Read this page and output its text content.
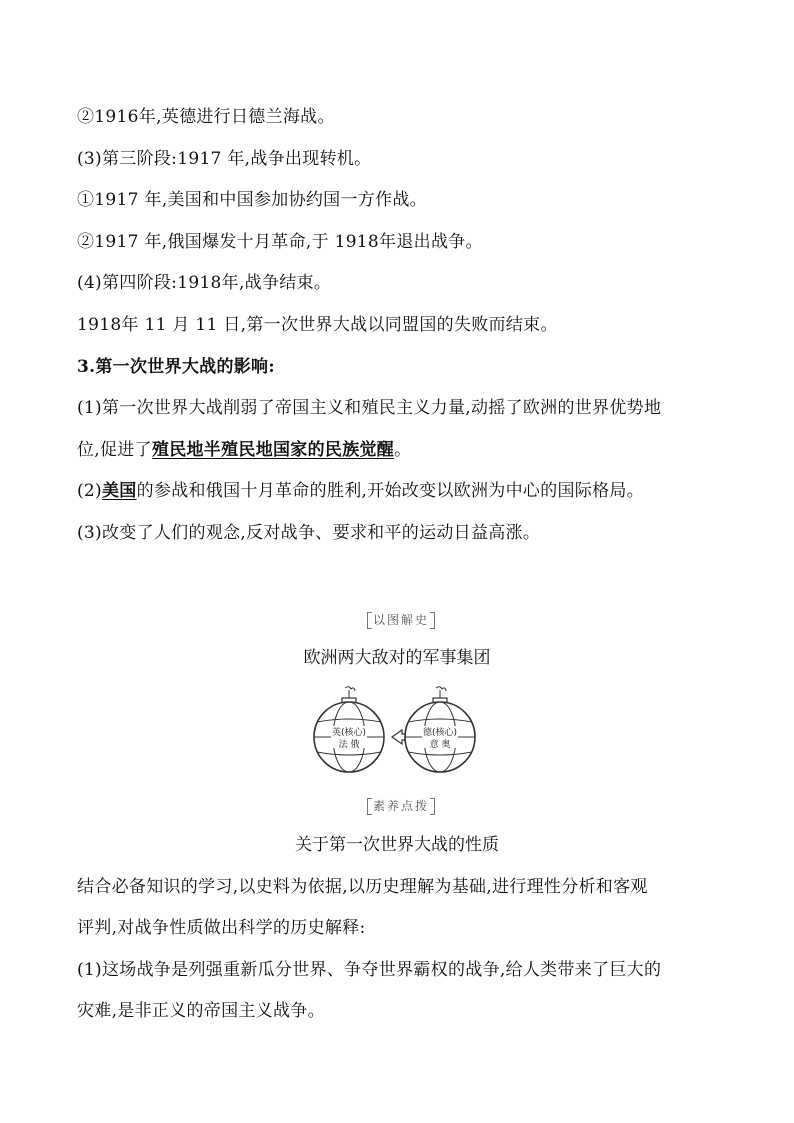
②1916年,英德进行日德兰海战。
(3)第三阶段:1917 年,战争出现转机。
①1917 年,美国和中国参加协约国一方作战。
②1917 年,俄国爆发十月革命,于 1918年退出战争。
(4)第四阶段:1918年,战争结束。
1918年 11 月 11 日,第一次世界大战以同盟国的失败而结束。
3.第一次世界大战的影响:
(1)第一次世界大战削弱了帝国主义和殖民主义力量,动摇了欧洲的世界优势地
位,促进了殖民地半殖民地国家的民族觉醒。
(2)美国的参战和俄国十月革命的胜利,开始改变以欧洲为中心的国际格局。
(3)改变了人们的观念,反对战争、要求和平的运动日益高涨。
以图解史
欧洲两大敌对的军事集团
英(核心)
法 俄
德(核心)
意 奥
素养点拨
关于第一次世界大战的性质
结合必备知识的学习,以史料为依据,以历史理解为基础,进行理性分析和客观
评判,对战争性质做出科学的历史解释:
(1)这场战争是列强重新瓜分世界、争夺世界霸权的战争,给人类带来了巨大的
灾难,是非正义的帝国主义战争。
